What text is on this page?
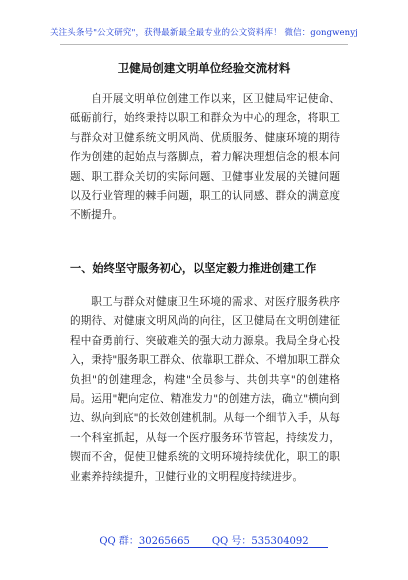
关注头条号"公文研究"，获得最新最全最专业的公文资料库！ 微信：gongwenyj
卫健局创建文明单位经验交流材料
自开展文明单位创建工作以来，区卫健局牢记使命、砥砺前行，始终秉持以职工和群众为中心的理念，将职工与群众对卫健系统文明风尚、优质服务、健康环境的期待作为创建的起始点与落脚点，着力解决理想信念的根本问题、职工群众关切的实际问题、卫健事业发展的关键问题以及行业管理的棘手问题，职工的认同感、群众的满意度不断提升。
一、始终坚守服务初心，以坚定毅力推进创建工作
职工与群众对健康卫生环境的需求、对医疗服务秩序的期待、对健康文明风尚的向往，区卫健局在文明创建征程中奋勇前行、突破难关的强大动力源泉。我局全身心投入，秉持"服务职工群众、依靠职工群众、不增加职工群众负担"的创建理念，构建"全员参与、共创共享"的创建格局。运用"靶向定位、精准发力"的创建方法，确立"横向到边、纵向到底"的长效创建机制。从每一个细节入手，从每一个科室抓起，从每一个医疗服务环节管起，持续发力，锲而不舍，促使卫健系统的文明环境持续优化，职工的职业素养持续提升，卫健行业的文明程度持续进步。
QQ 群：30265665 QQ 号：535304092
